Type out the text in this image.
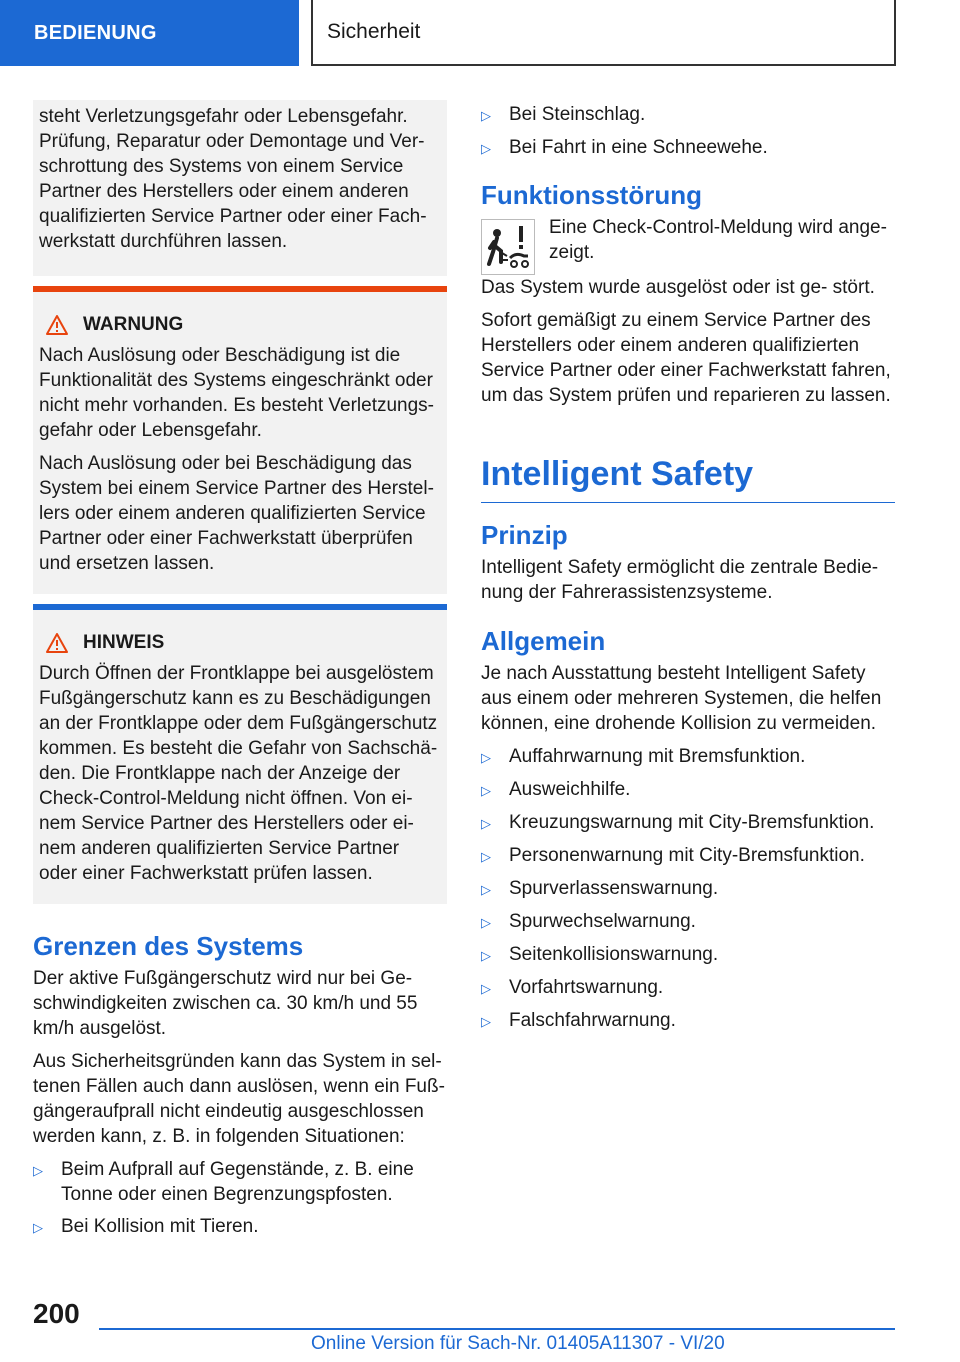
BEDIENUNG	Sicherheit

steht Verletzungsgefahr oder Lebensgefahr. Prüfung, Reparatur oder Demontage und Ver- schrottung des Systems von einem Service Partner des Herstellers oder einem anderen qualifizierten Service Partner oder einer Fach- werkstatt durchführen lassen.

WARNUNG

Nach Auslösung oder Beschädigung ist die Funktionalität des Systems eingeschränkt oder nicht mehr vorhanden. Es besteht Verletzungs- gefahr oder Lebensgefahr.

Nach Auslösung oder bei Beschädigung das System bei einem Service Partner des Herstel- lers oder einem anderen qualifizierten Service Partner oder einer Fachwerkstatt überprüfen und ersetzen lassen.

HINWEIS

Durch Öffnen der Frontklappe bei ausgelöstem Fußgängerschutz kann es zu Beschädigungen an der Frontklappe oder dem Fußgängerschutz kommen. Es besteht die Gefahr von Sachschä- den. Die Frontklappe nach der Anzeige der Check-Control-Meldung nicht öffnen. Von ei- nem Service Partner des Herstellers oder ei- nem anderen qualifizierten Service Partner oder einer Fachwerkstatt prüfen lassen.

Grenzen des Systems

Der aktive Fußgängerschutz wird nur bei Ge- schwindigkeiten zwischen ca. 30 km/h und 55 km/h ausgelöst.

Aus Sicherheitsgründen kann das System in sel- tenen Fällen auch dann auslösen, wenn ein Fuß- gängeraufprall nicht eindeutig ausgeschlossen werden kann, z. B. in folgenden Situationen:

▷ Beim Aufprall auf Gegenstände, z. B. eine Tonne oder einen Begrenzungspfosten.
▷ Bei Kollision mit Tieren.
▷ Bei Steinschlag.
▷ Bei Fahrt in eine Schneewehe.
Funktionsstörung

Eine Check-Control-Meldung wird ange- zeigt.

Das System wurde ausgelöst oder ist ge- stört.

Sofort gemäßigt zu einem Service Partner des Herstellers oder einem anderen qualifizierten Service Partner oder einer Fachwerkstatt fahren, um das System prüfen und reparieren zu lassen.

Intelligent Safety
Prinzip

Intelligent Safety ermöglicht die zentrale Bedie- nung der Fahrerassistenzsysteme.

Allgemein

Je nach Ausstattung besteht Intelligent Safety aus einem oder mehreren Systemen, die helfen können, eine drohende Kollision zu vermeiden.

▷ Auffahrwarnung mit Bremsfunktion.
▷ Ausweichhilfe.
▷ Kreuzungswarnung mit City-Bremsfunktion.
▷ Personenwarnung mit City-Bremsfunktion.
▷ Spurverlassenswarnung.
▷ Spurwechselwarnung.
▷ Seitenkollisionswarnung.
▷ Vorfahrtswarnung.
▷ Falschfahrwarnung.
200
Online Version für Sach-Nr. 01405A11307 - VI/20
